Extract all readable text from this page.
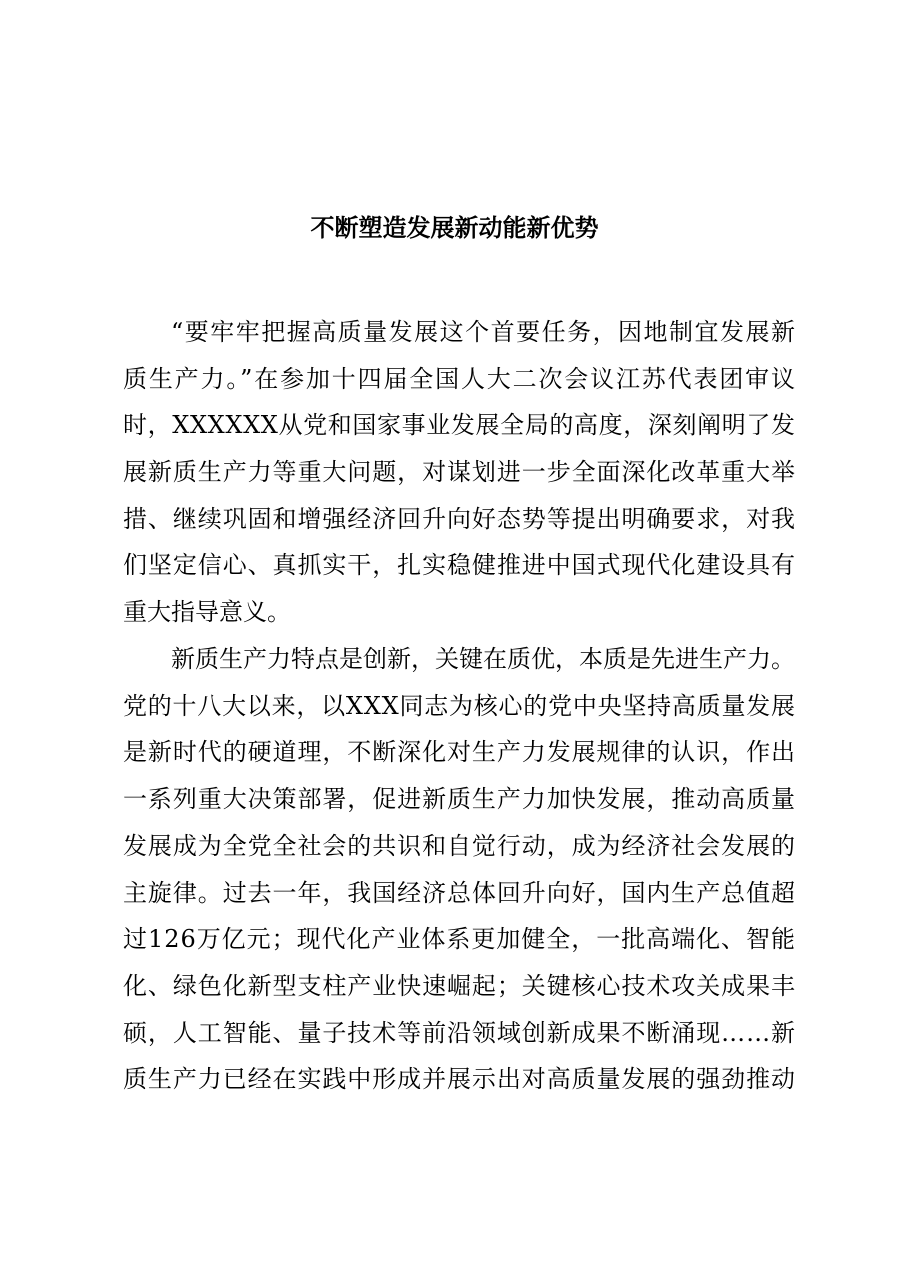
不断塑造发展新动能新优势

“要牢牢把握高质量发展这个首要任务，因地制宜发展新

质生产力。”在参加十四届全国人大二次会议江苏代表团审议

时，XXXXXX从党和国家事业发展全局的高度，深刻阐明了发

展新质生产力等重大问题，对谋划进一步全面深化改革重大举

措、继续巩固和增强经济回升向好态势等提出明确要求，对我

们坚定信心、真抓实干，扎实稳健推进中国式现代化建设具有

重大指导意义。

新质生产力特点是创新，关键在质优，本质是先进生产力。

党的十八大以来，以XXX同志为核心的党中央坚持高质量发展

是新时代的硬道理，不断深化对生产力发展规律的认识，作出

一系列重大决策部署，促进新质生产力加快发展，推动高质量

发展成为全党全社会的共识和自觉行动，成为经济社会发展的

主旋律。过去一年，我国经济总体回升向好，国内生产总值超

过126万亿元；现代化产业体系更加健全，一批高端化、智能

化、绿色化新型支柱产业快速崛起；关键核心技术攻关成果丰

硕，人工智能、量子技术等前沿领域创新成果不断涌现……新

质生产力已经在实践中形成并展示出对高质量发展的强劲推动
